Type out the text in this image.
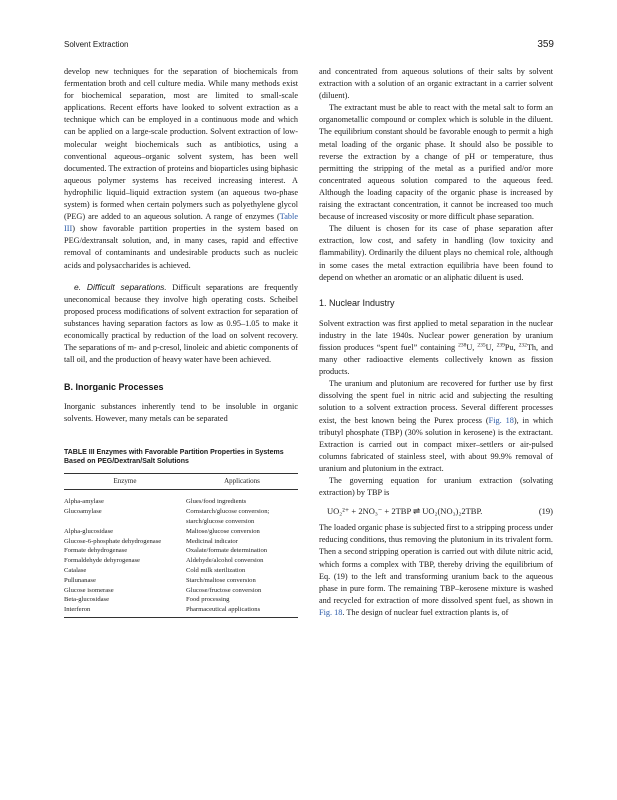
Solvent Extraction	359

develop new techniques for the separation of biochemicals from fermentation broth and cell culture media. While many methods exist for biochemical separation, most are limited to small-scale applications. Recent efforts have looked to solvent extraction as a technique which can be employed in a continuous mode and which can be applied on a large-scale production. Solvent extraction of low-molecular weight biochemicals such as antibiotics, using a conventional aqueous–organic solvent system, has been well documented. The extraction of proteins and bioparticles using biphasic aqueous polymer systems has received increasing interest. A hydrophilic liquid–liquid extraction system (an aqueous two-phase system) is formed when certain polymers such as polyethylene glycol (PEG) are added to an aqueous solution. A range of enzymes (Table III) show favorable partition properties in the system based on PEG/dextransalt solution, and, in many cases, rapid and effective removal of contaminants and undesirable products such as nucleic acids and polysaccharides is achieved.

e. Difficult separations. Difficult separations are frequently uneconomical because they involve high operating costs. Scheibel proposed process modifications of solvent extraction for separation of substances having separation factors as low as 0.95–1.05 to make it economically practical by reduction of the load on solvent recovery. The separations of m- and p-cresol, linoleic and abietic components of tall oil, and the production of heavy water have been achieved.

B. Inorganic Processes

Inorganic substances inherently tend to be insoluble in organic solvents. However, many metals can be separated

TABLE III Enzymes with Favorable Partition Properties in Systems Based on PEG/Dextran/Salt Solutions
Enzyme	Applications
Alpha-amylase	Glues/food ingredients
Glucoamylase	Cornstarch/glucose conversion; starch/glucose conversion
Alpha-glucosidase	Maltose/glucose conversion
Glucose-6-phosphate dehydrogenase	Medicinal indicator
Formate dehydrogenase	Oxalate/formate determination
Formaldehyde dehyrogenase	Aldehyde/alcohol conversion
Catalase	Cold milk sterilization
Pullunanase	Starch/maltose conversion
Glucose isomerase	Glucose/fructose conversion
Beta-glucosidase	Food processing
Interferon	Pharmaceutical applications

and concentrated from aqueous solutions of their salts by solvent extraction with a solution of an organic extractant in a carrier solvent (diluent).

The extractant must be able to react with the metal salt to form an organometallic compound or complex which is soluble in the diluent. The equilibrium constant should be favorable enough to permit a high metal loading of the organic phase. It should also be possible to reverse the extraction by a change of pH or temperature, thus permitting the stripping of the metal as a purified and/or more concentrated aqueous solution compared to the aqueous feed. Although the loading capacity of the organic phase is increased by raising the extractant concentration, it cannot be increased too much because of increased viscosity or more difficult phase separation.

The diluent is chosen for its case of phase separation after extraction, low cost, and safety in handling (low toxicity and flammability). Ordinarily the diluent plays no chemical role, although in some cases the metal extraction equilibria have been found to depend on whether an aromatic or an aliphatic diluent is used.

1. Nuclear Industry

Solvent extraction was first applied to metal separation in the nuclear industry in the late 1940s. Nuclear power generation by uranium fission produces “spent fuel” containing $^{238}$U, $^{235}$U, $^{239}$Pu, $^{232}$Th, and many other radioactive elements collectively known as fission products.

The uranium and plutonium are recovered for further use by first dissolving the spent fuel in nitric acid and subjecting the resulting solution to a solvent extraction process. Several different processes exist, the best known being the Purex process (Fig. 18), in which tributyl phosphate (TBP) (30% solution in kerosene) is the extractant. Extraction is carried out in compact mixer–settlers or air-pulsed columns fabricated of stainless steel, with about 99.9% removal of uranium and plutonium in the extract.

The governing equation for uranium extraction (solvating extraction) by TBP is

UO₂²⁺ + 2NO₃⁻ + 2TBP ⇌ UO₂(NO₃)₂2TBP.	(19)

The loaded organic phase is subjected first to a stripping process under reducing conditions, thus removing the plutonium in its trivalent form. Then a second stripping operation is carried out with dilute nitric acid, which forms a complex with TBP, thereby driving the equilibrium of Eq. (19) to the left and transforming uranium back to the aqueous phase in pure form. The remaining TBP–kerosene mixture is washed and recycled for extraction of more dissolved spent fuel, as shown in Fig. 18. The design of nuclear fuel extraction plants is, of
